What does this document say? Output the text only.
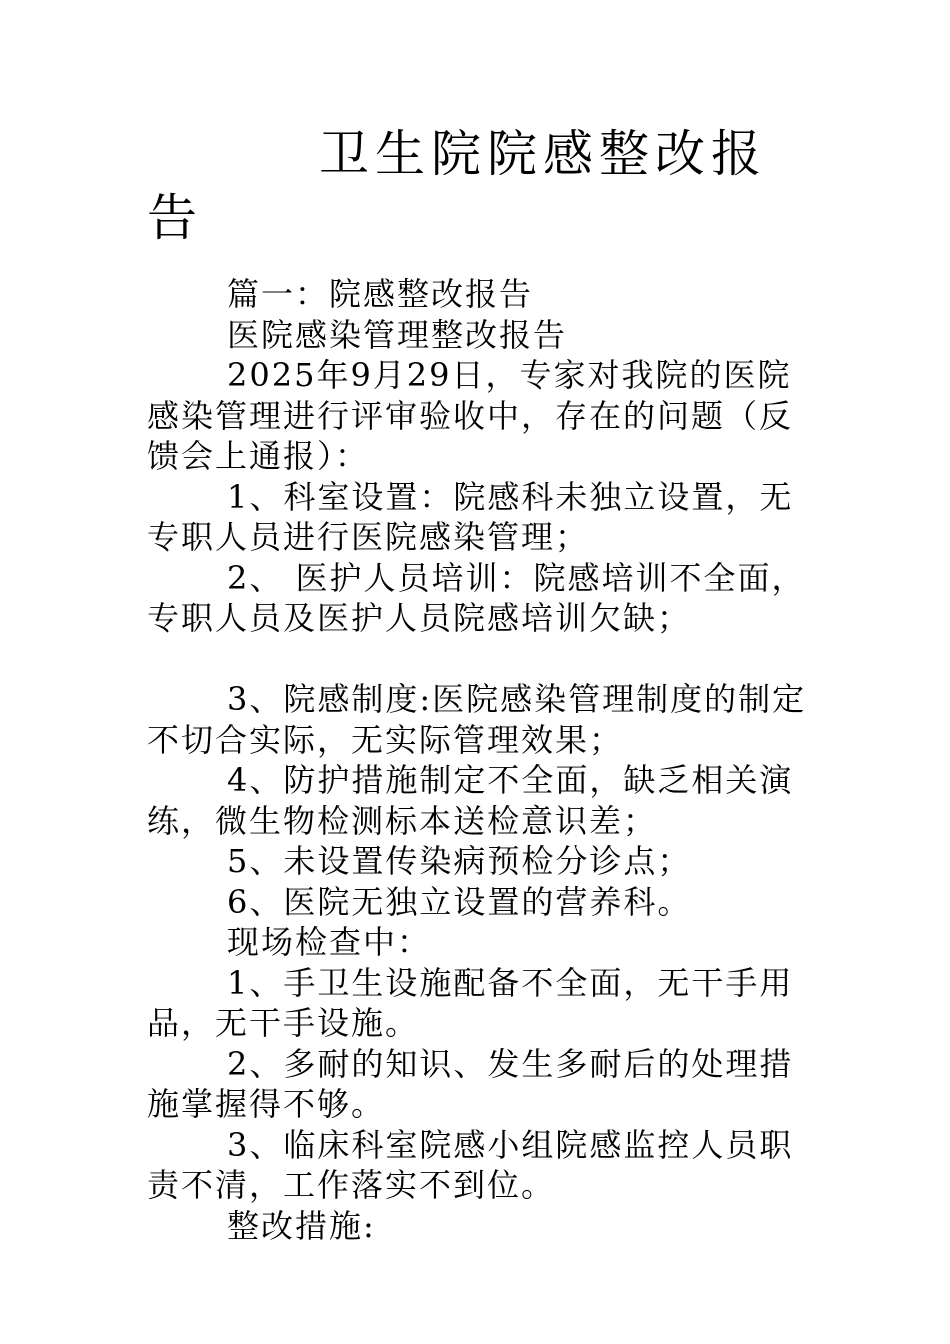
卫生院院感整改报告

篇一：院感整改报告

医院感染管理整改报告

2025年9月29日，专家对我院的医院感染管理进行评审验收中，存在的问题（反馈会上通报）：

1、科室设置：院感科未独立设置，无专职人员进行医院感染管理；

2、 医护人员培训：院感培训不全面，专职人员及医护人员院感培训欠缺；

3、院感制度:医院感染管理制度的制定不切合实际，无实际管理效果；

4、防护措施制定不全面，缺乏相关演练，微生物检测标本送检意识差；

5、未设置传染病预检分诊点；

6、医院无独立设置的营养科。

现场检查中：

1、手卫生设施配备不全面，无干手用品，无干手设施。

2、多耐的知识、发生多耐后的处理措施掌握得不够。

3、临床科室院感小组院感监控人员职责不清，工作落实不到位。

整改措施:
